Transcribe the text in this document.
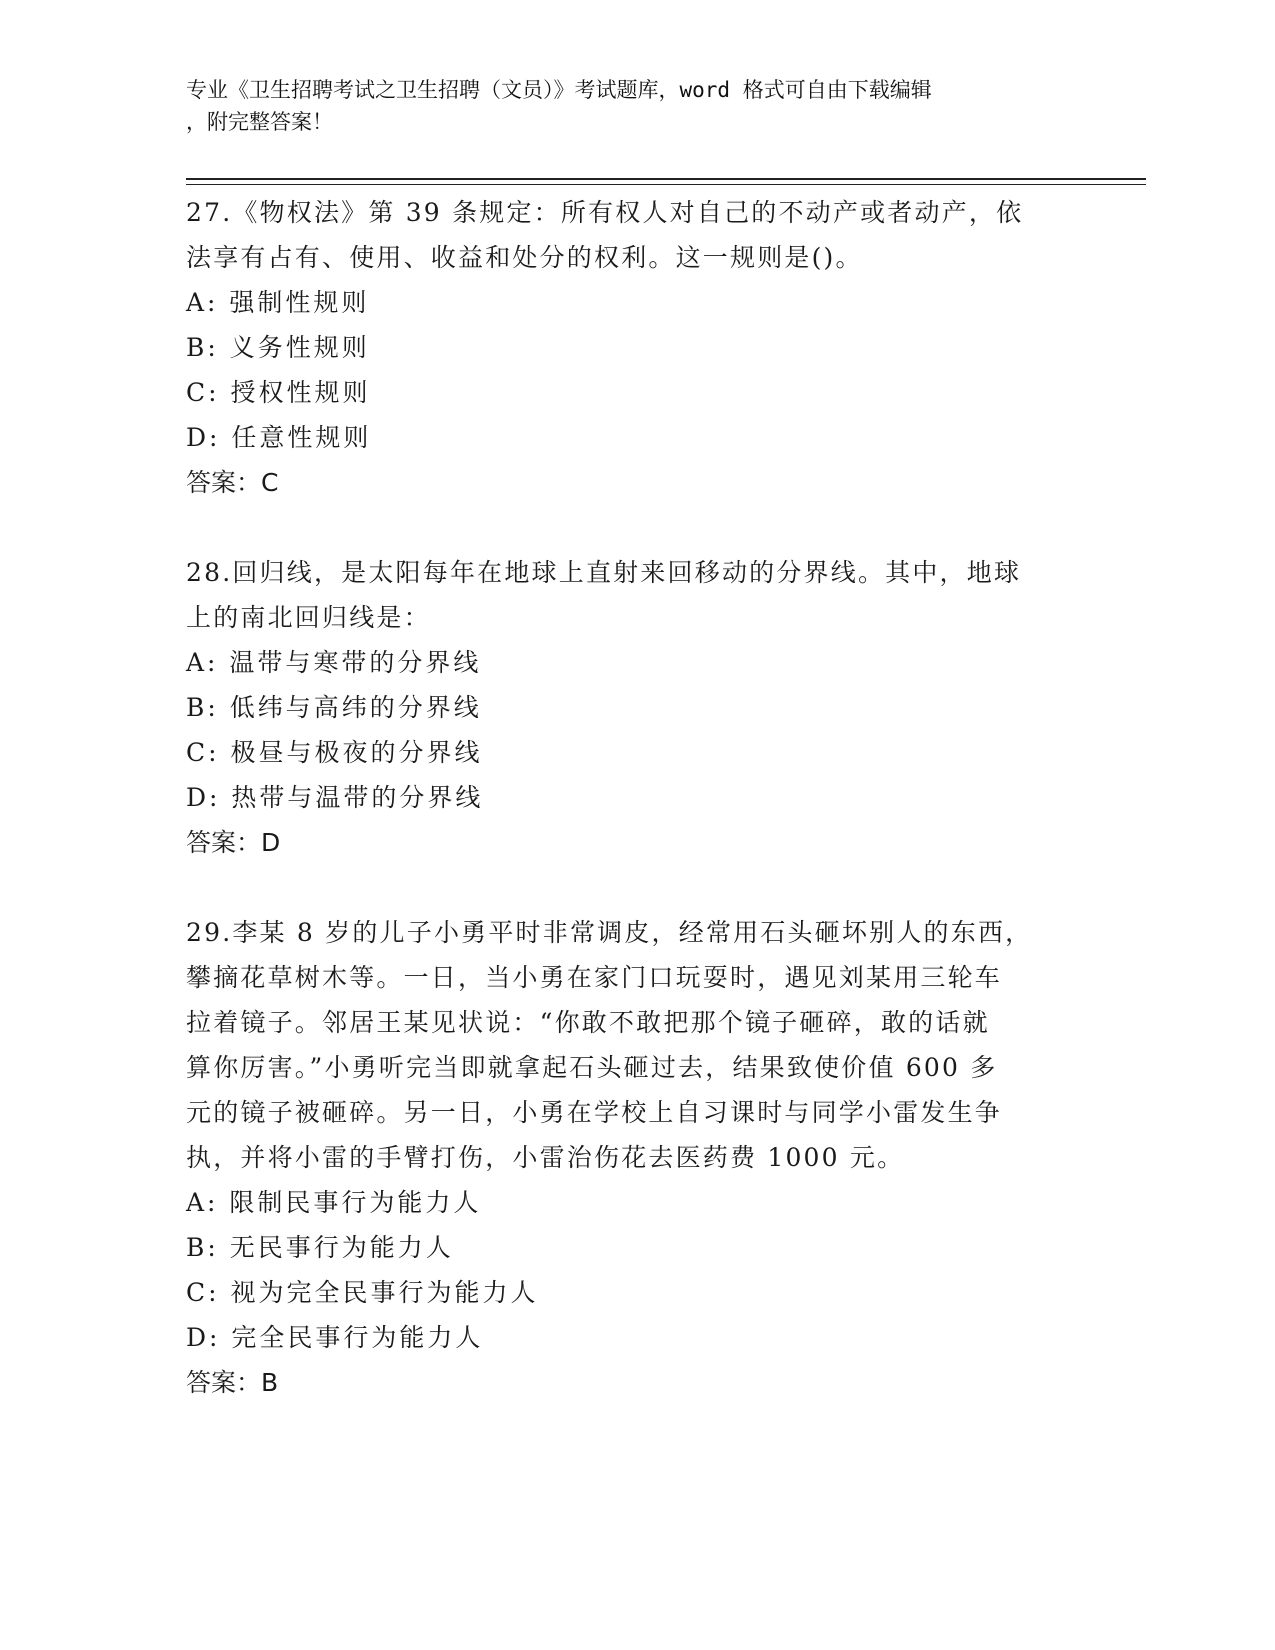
专业《卫生招聘考试之卫生招聘（文员）》考试题库，word 格式可自由下载编辑
，附完整答案！

27.《物权法》第 39 条规定：所有权人对自己的不动产或者动产，依

法享有占有、使用、收益和处分的权利。这一规则是()。

A: 强制性规则

B: 义务性规则

C: 授权性规则

D: 任意性规则

答案：C

28.回归线，是太阳每年在地球上直射来回移动的分界线。其中，地球

上的南北回归线是：

A: 温带与寒带的分界线

B: 低纬与高纬的分界线

C: 极昼与极夜的分界线

D: 热带与温带的分界线

答案：D

29.李某 8 岁的儿子小勇平时非常调皮，经常用石头砸坏别人的东西，

攀摘花草树木等。一日，当小勇在家门口玩耍时，遇见刘某用三轮车

拉着镜子。邻居王某见状说：“你敢不敢把那个镜子砸碎，敢的话就

算你厉害。”小勇听完当即就拿起石头砸过去，结果致使价值 600 多

元的镜子被砸碎。另一日，小勇在学校上自习课时与同学小雷发生争

执，并将小雷的手臂打伤，小雷治伤花去医药费 1000 元。

A: 限制民事行为能力人

B: 无民事行为能力人

C: 视为完全民事行为能力人

D: 完全民事行为能力人

答案：B
